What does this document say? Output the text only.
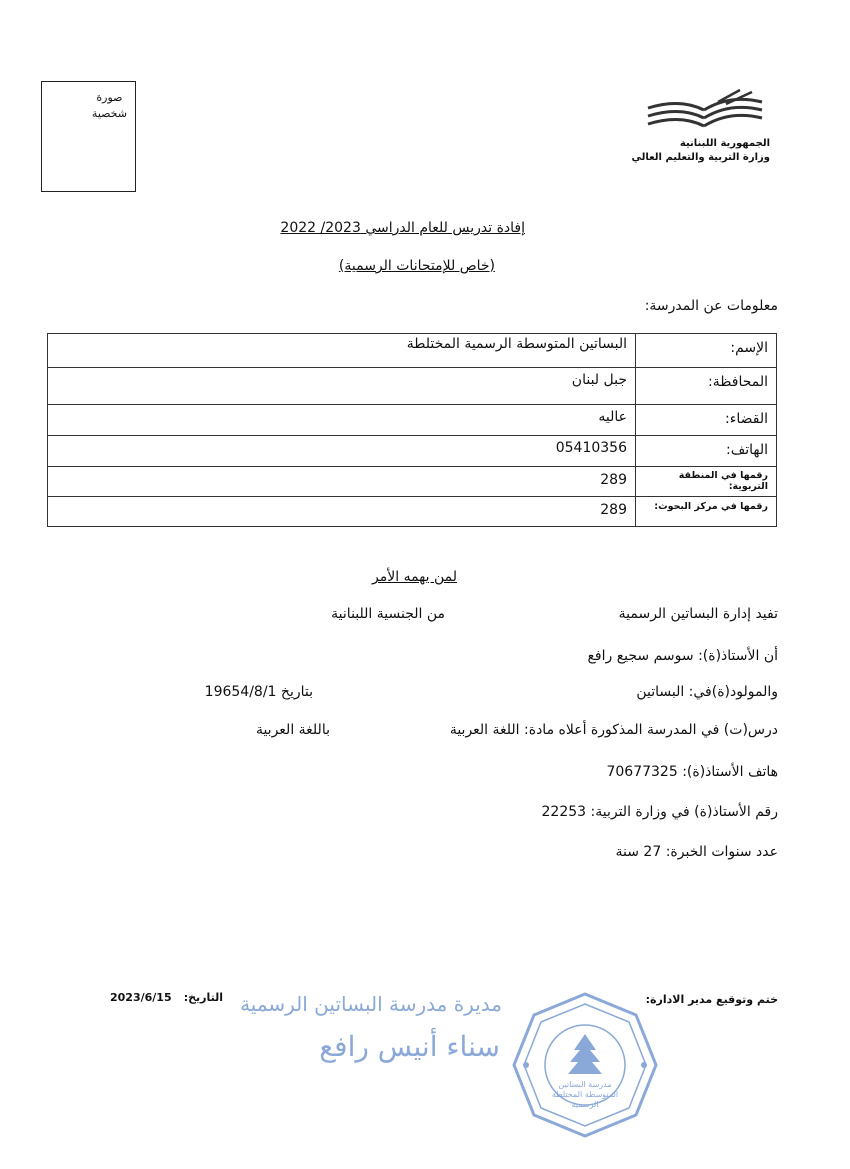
صورة
شخصية
الجمهورية اللبنانية
وزارة التربية والتعليم العالي
إفادة تدريس للعام الدراسي 2023/ 2022
(خاص للإمتحانات الرسمية)
معلومات عن المدرسة:
الإسم:	البساتين المتوسطة الرسمية المختلطة
المحافظة:	جبل لبنان
القضاء:	عاليه
الهاتف:	05410356
رقمها في المنطقة التربوية:	289
رقمها في مركز البحوث:	289
لمن يهمه الأمر
تفيد إدارة البساتين الرسمية
من الجنسية اللبنانية
أن الأستاذ(ة): سوسم سجيع رافع
والمولود(ة)في: البساتين
بتاريخ 19654/8/1
درس(ت) في المدرسة المذكورة أعلاه مادة: اللغة العربية
باللغة العربية
هاتف الأستاذ(ة): 70677325
رقم الأستاذ(ة) في وزارة التربية: 22253
عدد سنوات الخبرة: 27 سنة
ختم وتوقيع مدير الادارة:
التاريخ:
2023/6/15	مديرة مدرسة البساتين الرسمية
سناء أنيس رافع
مدرسة البساتين المتوسطة المختلطة الرسمية
